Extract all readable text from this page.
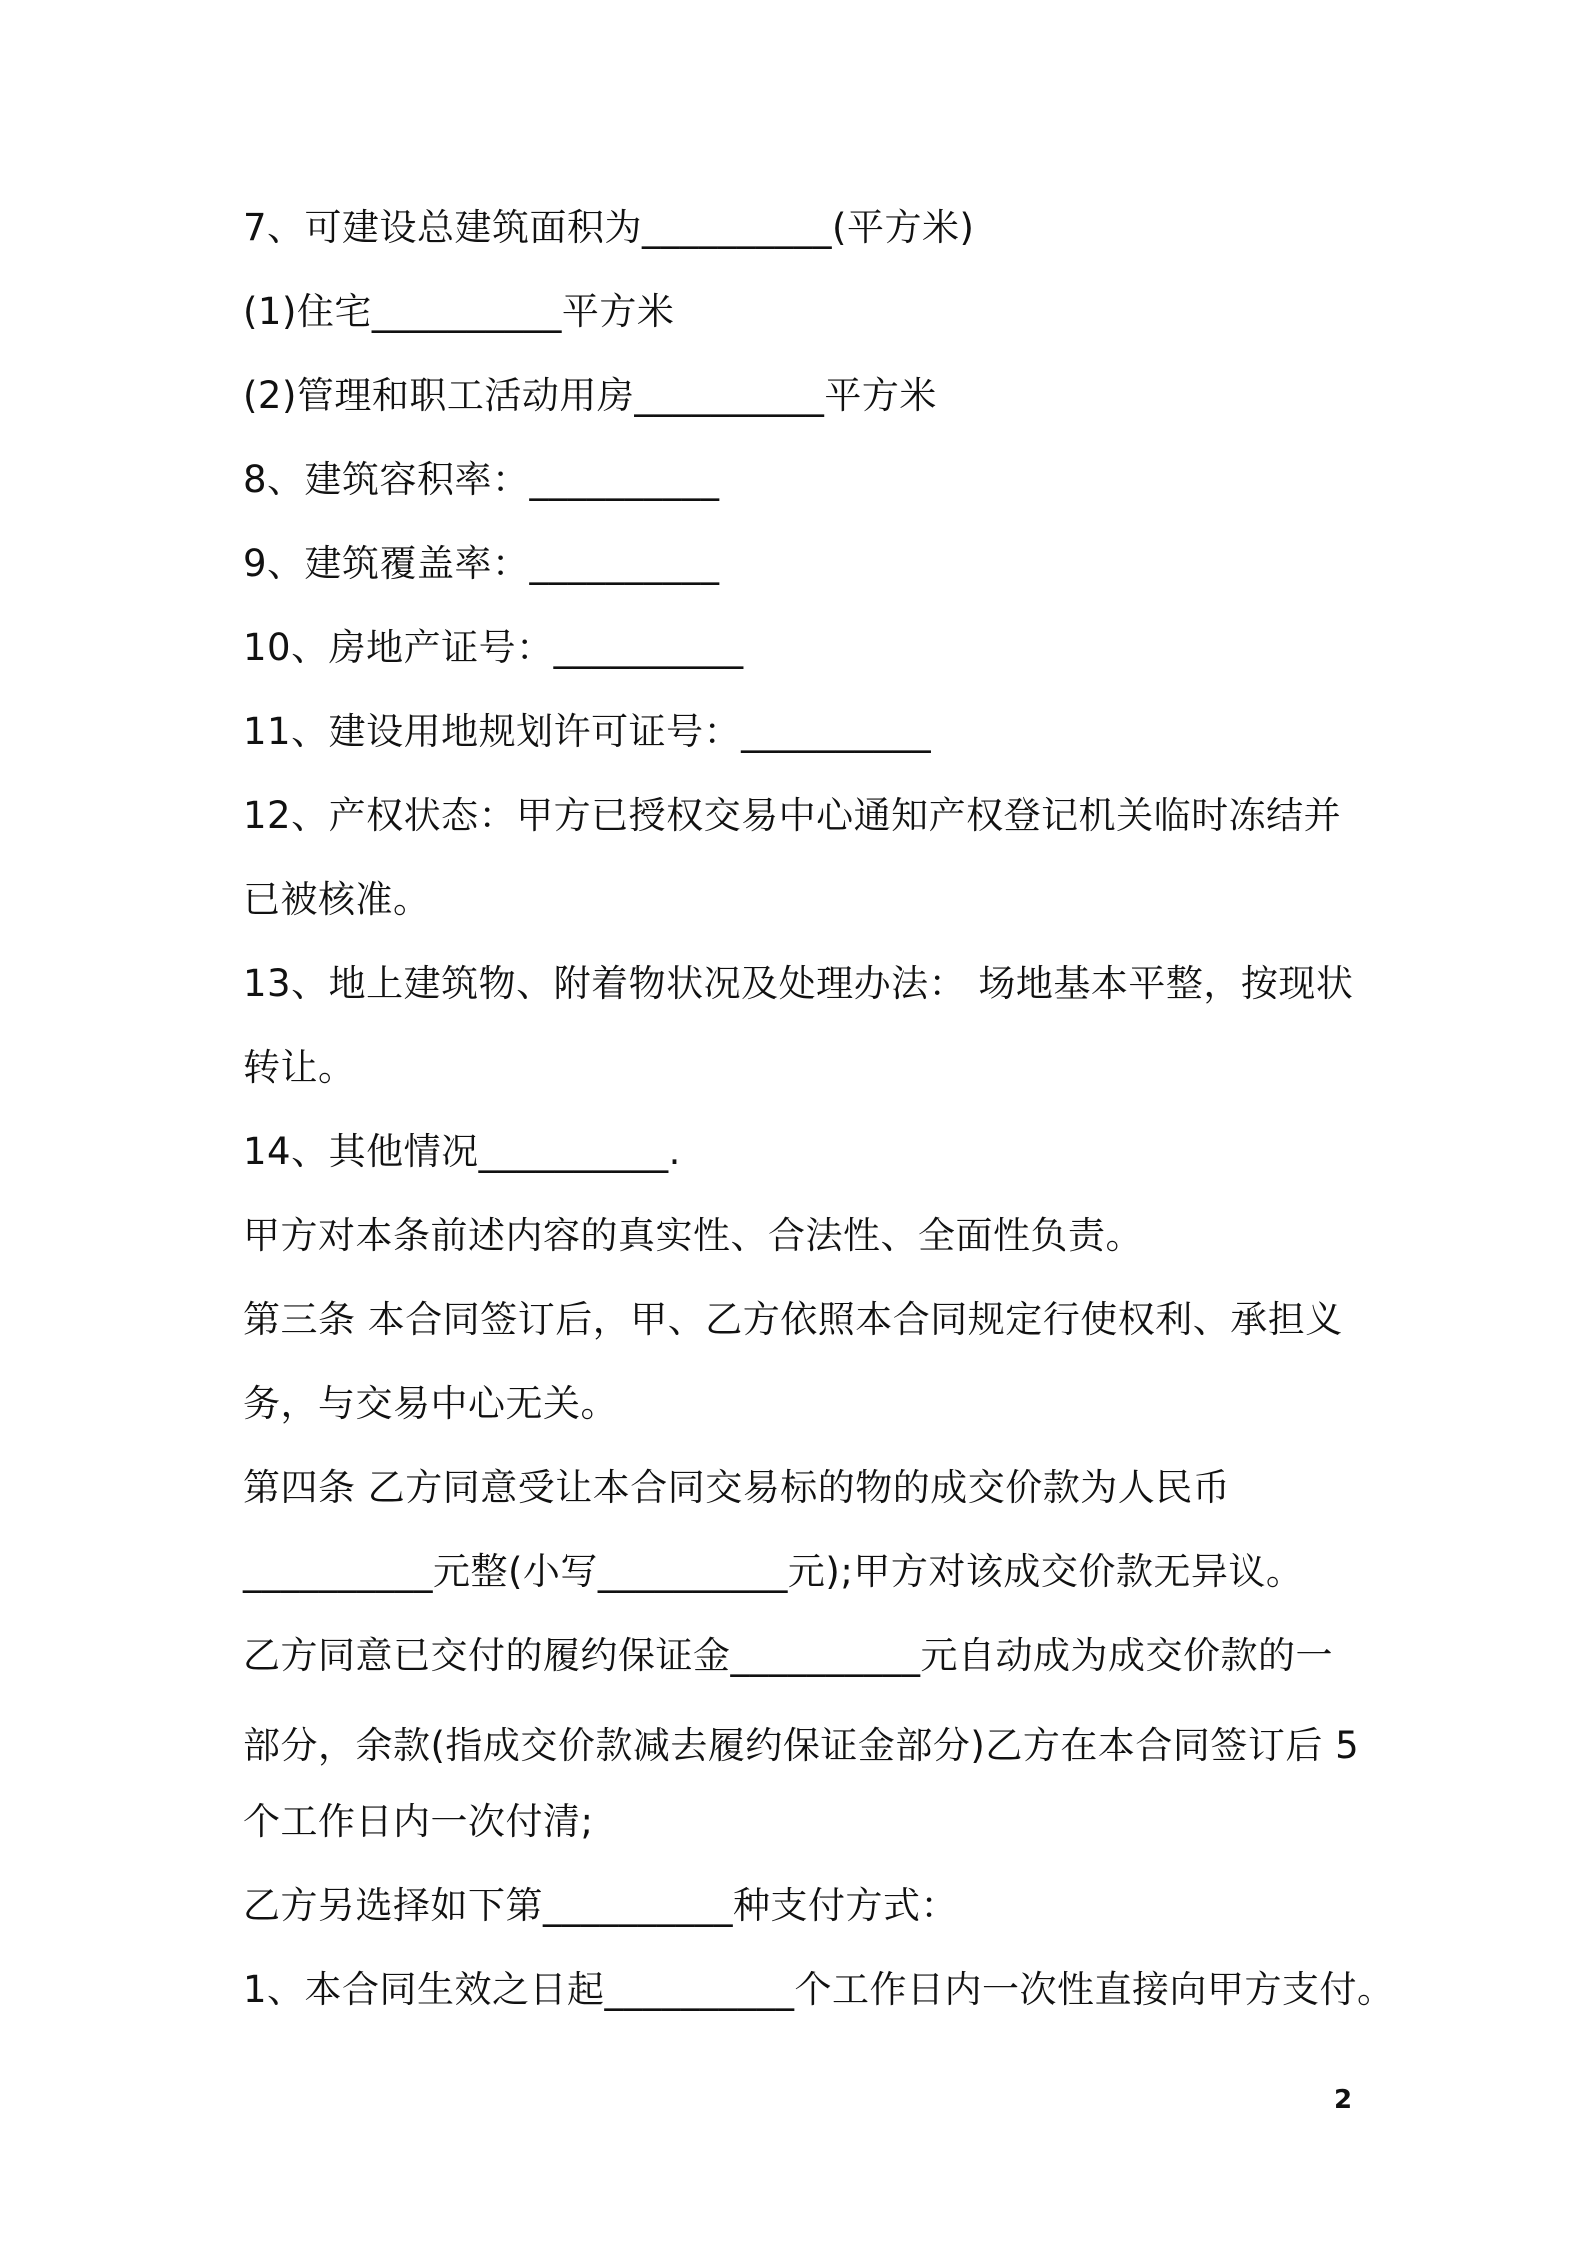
7、可建设总建筑面积为__________(平方米)
(1)住宅__________平方米
(2)管理和职工活动用房__________平方米
8、建筑容积率：__________
9、建筑覆盖率：__________
10、房地产证号：__________
11、建设用地规划许可证号：__________
12、产权状态：甲方已授权交易中心通知产权登记机关临时冻结并
已被核准。
13、地上建筑物、附着物状况及处理办法： 场地基本平整，按现状
转让。
14、其他情况__________.
甲方对本条前述内容的真实性、合法性、全面性负责。
第三条 本合同签订后，甲、乙方依照本合同规定行使权利、承担义
务，与交易中心无关。
第四条 乙方同意受让本合同交易标的物的成交价款为人民币
__________元整(小写__________元);甲方对该成交价款无异议。
乙方同意已交付的履约保证金__________元自动成为成交价款的一
部分，余款(指成交价款减去履约保证金部分)乙方在本合同签订后 5
个工作日内一次付清;
乙方另选择如下第__________种支付方式：
1、本合同生效之日起__________个工作日内一次性直接向甲方支付。
2
